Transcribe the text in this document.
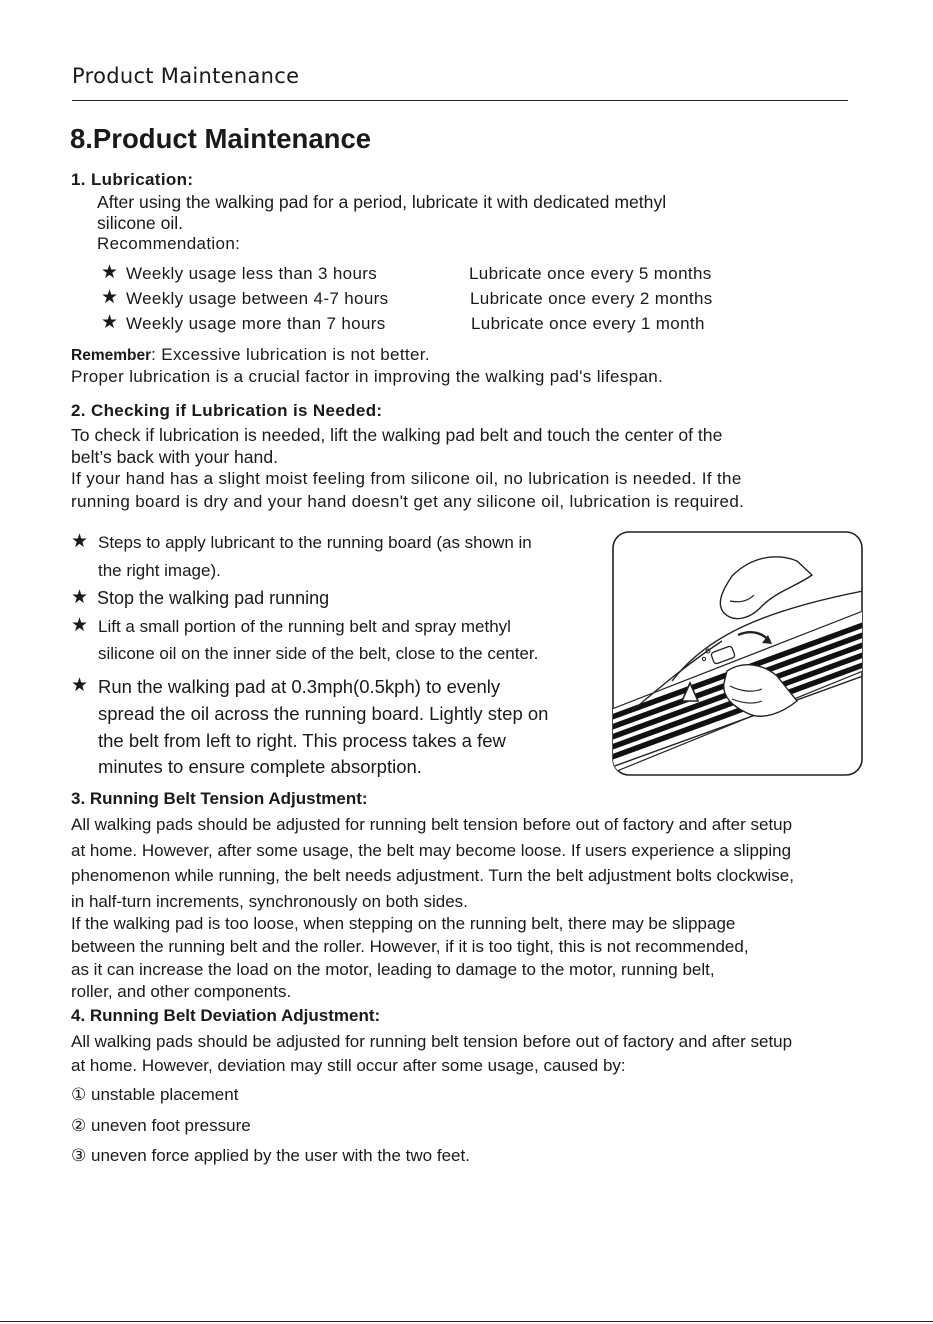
Product Maintenance
8.Product Maintenance
1. Lubrication:
After using the walking pad for a period, lubricate it with dedicated methyl
silicone oil.
Recommendation:
★ Weekly usage less than 3 hours	Lubricate once every 5 months
★ Weekly usage between 4-7 hours	Lubricate once every 2 months
★ Weekly usage more than 7 hours	Lubricate once every 1 month
Remember: Excessive lubrication is not better.
Proper lubrication is a crucial factor in improving the walking pad's lifespan.
2. Checking if Lubrication is Needed:
To check if lubrication is needed, lift the walking pad belt and touch the center of the
belt’s back with your hand.
If your hand has a slight moist feeling from silicone oil, no lubrication is needed. If the
running board is dry and your hand doesn't get any silicone oil, lubrication is required.
★ Steps to apply lubricant to the running board (as shown in
the right image).
★ Stop the walking pad running
★ Lift a small portion of the running belt and spray methyl
silicone oil on the inner side of the belt, close to the center.
★ Run the walking pad at 0.3mph(0.5kph) to evenly
spread the oil across the running board. Lightly step on
the belt from left to right. This process takes a few
minutes to ensure complete absorption.
3. Running Belt Tension Adjustment:
All walking pads should be adjusted for running belt tension before out of factory and after setup
at home. However, after some usage, the belt may become loose. If users experience a slipping
phenomenon while running, the belt needs adjustment. Turn the belt adjustment bolts clockwise,
in half-turn increments, synchronously on both sides.
If the walking pad is too loose, when stepping on the running belt, there may be slippage
between the running belt and the roller. However, if it is too tight, this is not recommended,
as it can increase the load on the motor, leading to damage to the motor, running belt,
roller, and other components.
4. Running Belt Deviation Adjustment:
All walking pads should be adjusted for running belt tension before out of factory and after setup
at home. However, deviation may still occur after some usage, caused by:
① unstable placement
② uneven foot pressure
③ uneven force applied by the user with the two feet.
